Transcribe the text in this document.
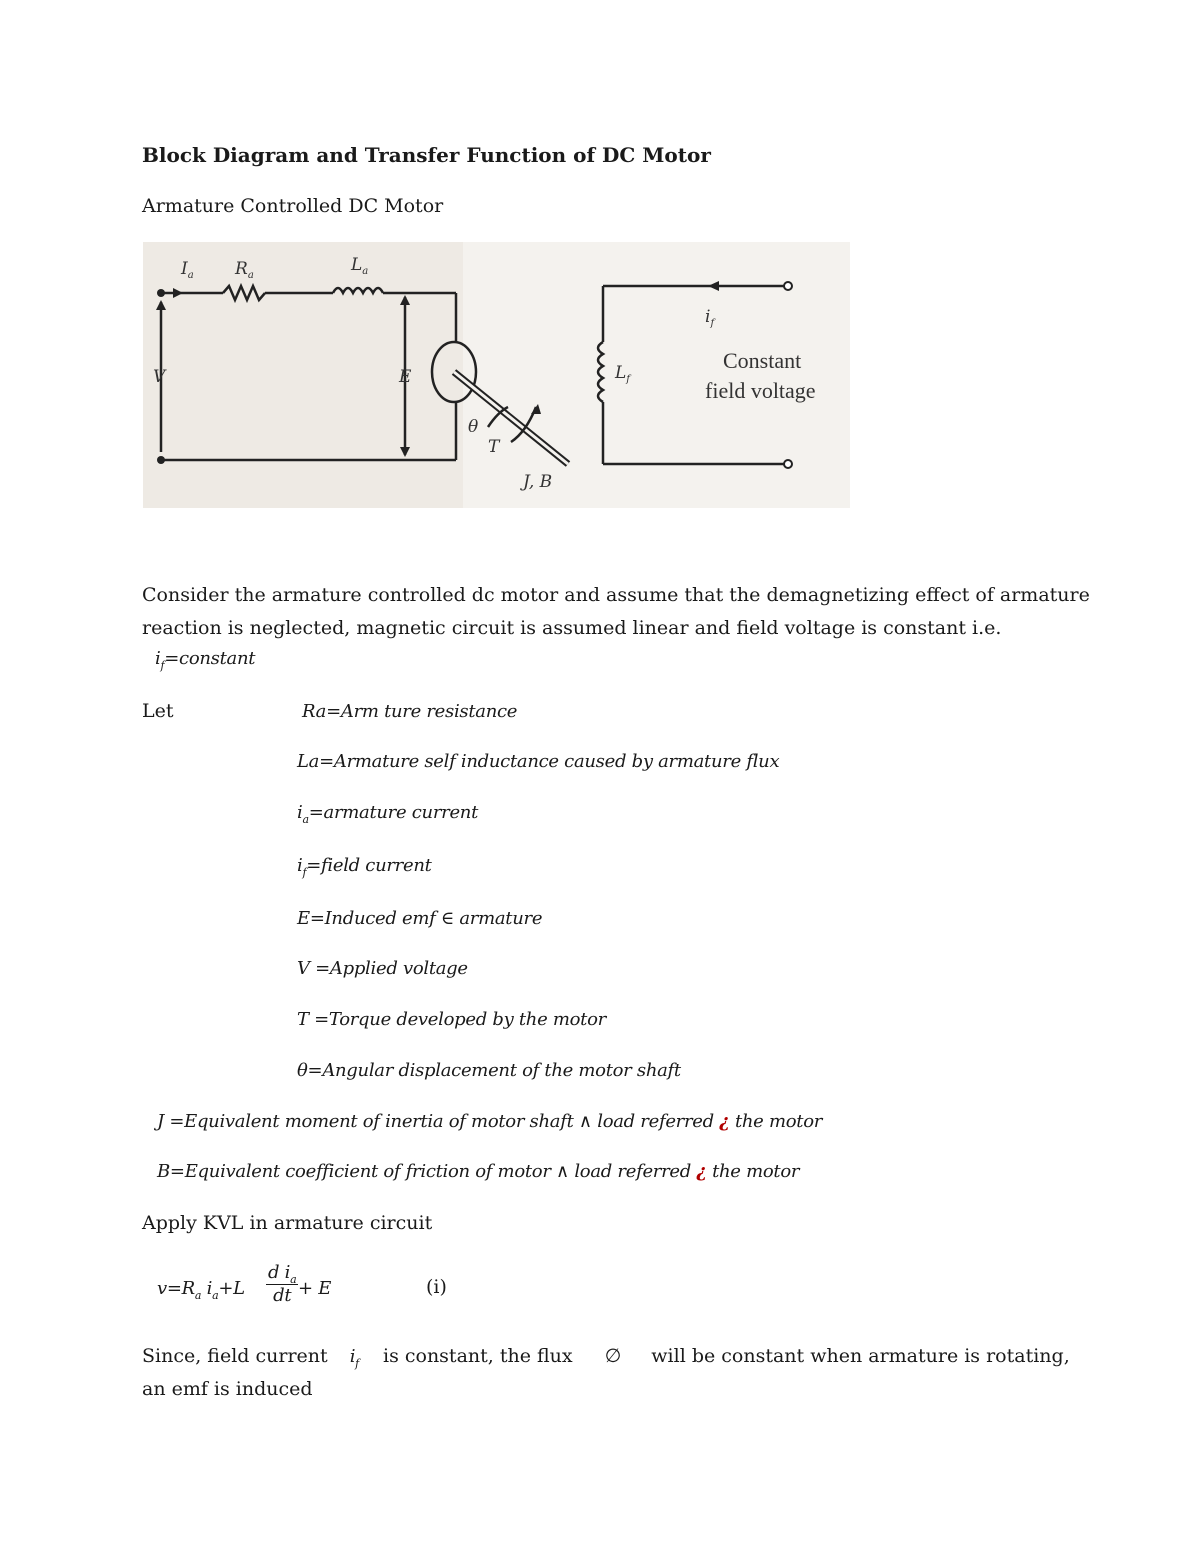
Block Diagram and Transfer Function of DC Motor
Armature Controlled DC Motor
$I_a$ $R_a$
$L_a$
V	E
θ
T
J, B
$i_f$
$L_f$
Constant
field voltage
Consider the armature controlled dc motor and assume that the demagnetizing effect of armature
reaction is neglected, magnetic circuit is assumed linear and field voltage is constant i.e.
$i_f=constant$
Let	Ra=Arm ture resistance
La=Armature self inductance caused by armature flux
$i_a=armature$ current
$i_f=field$ current
E=Induced emf ∈ armature
V =Applied voltage
T =Torque developed by the motor
θ=Angular displacement of the motor shaft
J =Equivalent moment of inertia of motor shaft ∧ load referred ¿ the motor
B=Equivalent coefficient of friction of motor ∧ load referred ¿ the motor
Apply KVL in armature circuit
$v=R_a$ $i_a+L \frac{d i_a}{dt} + E$	(i)
Since, field current $i_f$ is constant, the flux ∅ will be constant when armature is rotating,
an emf is induced
